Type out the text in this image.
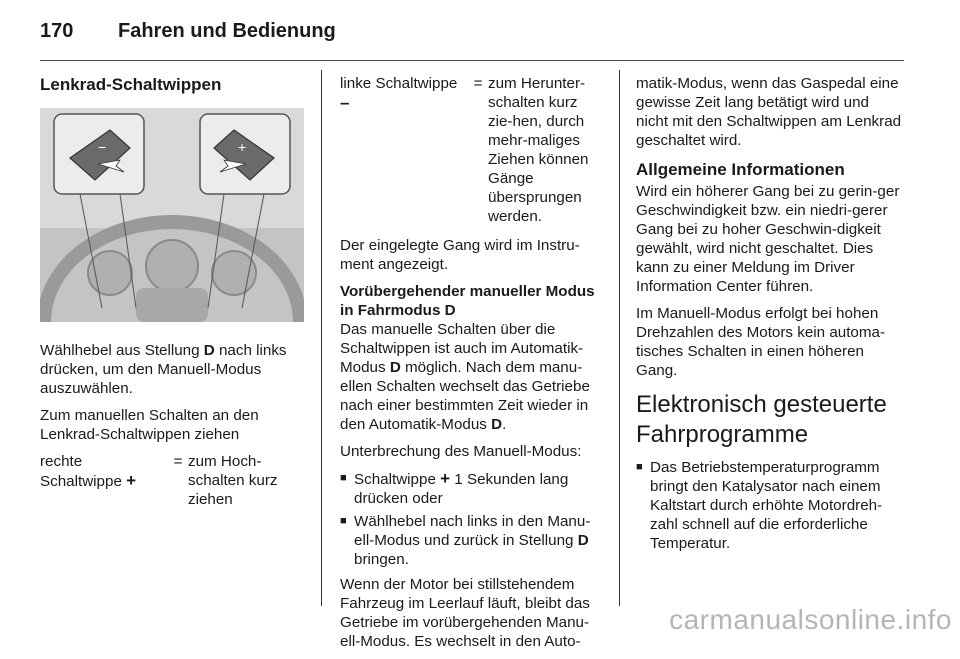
170	Fahren und Bedienung
Lenkrad-Schaltwippen
−	+

Wählhebel aus Stellung D nach links drücken, um den Manuell-Modus auszuwählen.

Zum manuellen Schalten an den Lenkrad-Schaltwippen ziehen

rechte Schaltwippe +
= zum Hoch-schalten kurz ziehen
linke Schaltwippe –
= zum Herunter-schalten kurz zie-hen, durch mehr-maliges Ziehen können Gänge übersprungen werden.

Der eingelegte Gang wird im Instru-ment angezeigt.

Vorübergehender manueller Modus in Fahrmodus D

Das manuelle Schalten über die Schaltwippen ist auch im Automatik-Modus D möglich. Nach dem manu-ellen Schalten wechselt das Getriebe nach einer bestimmten Zeit wieder in den Automatik-Modus D.

Unterbrechung des Manuell-Modus:

■ Schaltwippe + 1 Sekunden lang drücken oder
■ Wählhebel nach links in den Manu-ell-Modus und zurück in Stellung D bringen.

Wenn der Motor bei stillstehendem Fahrzeug im Leerlauf läuft, bleibt das Getriebe im vorübergehenden Manu-ell-Modus. Es wechselt in den Auto-

matik-Modus, wenn das Gaspedal eine gewisse Zeit lang betätigt wird und nicht mit den Schaltwippen am Lenkrad geschaltet wird.

Allgemeine Informationen

Wird ein höherer Gang bei zu gerin-ger Geschwindigkeit bzw. ein niedri-gerer Gang bei zu hoher Geschwin-digkeit gewählt, wird nicht geschaltet. Dies kann zu einer Meldung im Driver Information Center führen.

Im Manuell-Modus erfolgt bei hohen Drehzahlen des Motors kein automa-tisches Schalten in einen höheren Gang.

Elektronisch gesteuerte Fahrprogramme
■ Das Betriebstemperaturprogramm bringt den Katalysator nach einem Kaltstart durch erhöhte Motordreh-zahl schnell auf die erforderliche Temperatur.
carmanualsonline.info
